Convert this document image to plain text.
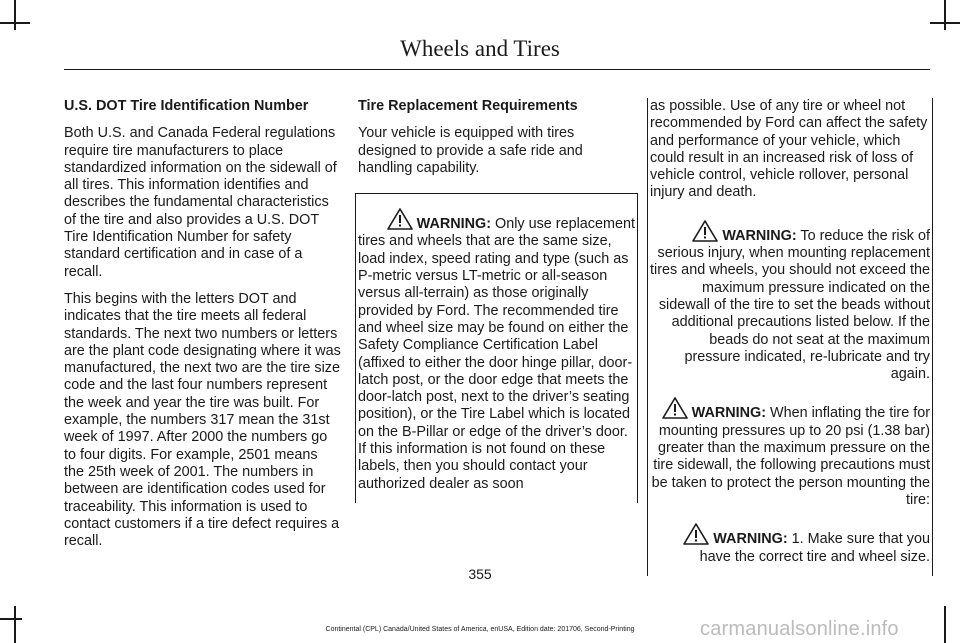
Wheels and Tires
U.S. DOT Tire Identification Number

Both U.S. and Canada Federal regulations require tire manufacturers to place standardized information on the sidewall of all tires. This information identifies and describes the fundamental characteristics of the tire and also provides a U.S. DOT Tire Identification Number for safety standard certification and in case of a recall.

This begins with the letters DOT and indicates that the tire meets all federal standards. The next two numbers or letters are the plant code designating where it was manufactured, the next two are the tire size code and the last four numbers represent the week and year the tire was built. For example, the numbers 317 mean the 31st week of 1997. After 2000 the numbers go to four digits. For example, 2501 means the 25th week of 2001. The numbers in between are identification codes used for traceability. This information is used to contact customers if a tire defect requires a recall.

Tire Replacement Requirements

Your vehicle is equipped with tires designed to provide a safe ride and handling capability.

WARNING: Only use replacement
tires and wheels that are the same size, load index, speed rating and type (such as P-metric versus LT-metric or all-season versus all-terrain) as those originally provided by Ford. The recommended tire and wheel size may be found on either the Safety Compliance Certification Label (affixed to either the door hinge pillar, door-latch post, or the door edge that meets the door-latch post, next to the driver’s seating position), or the Tire Label which is located on the B-Pillar or edge of the driver’s door. If this information is not found on these labels, then you should contact your authorized dealer as soon

as possible. Use of any tire or wheel not recommended by Ford can affect the safety and performance of your vehicle, which could result in an increased risk of loss of vehicle control, vehicle rollover, personal injury and death.

WARNING: To reduce the risk of serious injury, when mounting replacement tires and wheels, you should not exceed the maximum pressure indicated on the sidewall of the tire to set the beads without additional precautions listed below. If the beads do not seat at the maximum pressure indicated, re-lubricate and try again.
WARNING: When inflating the tire for mounting pressures up to 20 psi (1.38 bar) greater than the maximum pressure on the tire sidewall, the following precautions must be taken to protect the person mounting the tire:
WARNING: 1. Make sure that you have the correct tire and wheel size.
355
Continental (CPL) Canada/United States of America, enUSA, Edition date: 201706, Second-Printing	carmanualsonline.info
